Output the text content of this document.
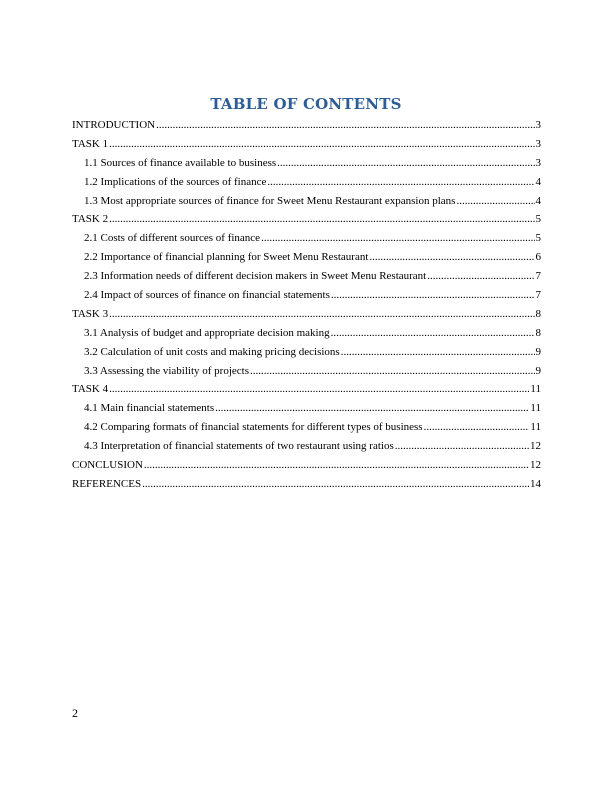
TABLE OF CONTENTS
INTRODUCTION .....	3
TASK 1 .....	3
1.1 Sources of finance available to business .....	3
1.2 Implications of the sources of finance .....	4
1.3 Most appropriate sources of finance for Sweet Menu Restaurant expansion plans .....	4
TASK 2 .....	5
2.1 Costs of different sources of finance .....	5
2.2 Importance of financial planning for Sweet Menu Restaurant .....	6
2.3 Information needs of different decision makers in Sweet Menu Restaurant .....	7
2.4 Impact of sources of finance on financial statements .....	7
TASK 3 .....	8
3.1 Analysis of budget and appropriate decision making .....	8
3.2 Calculation of unit costs and making pricing decisions .....	9
3.3 Assessing the viability of projects .....	9
TASK 4 .....	11
4.1 Main financial statements .....	11
4.2 Comparing formats of financial statements for different types of business .....	11
4.3 Interpretation of financial statements of two restaurant using ratios .....	12
CONCLUSION .....	12
REFERENCES .....	14
2
